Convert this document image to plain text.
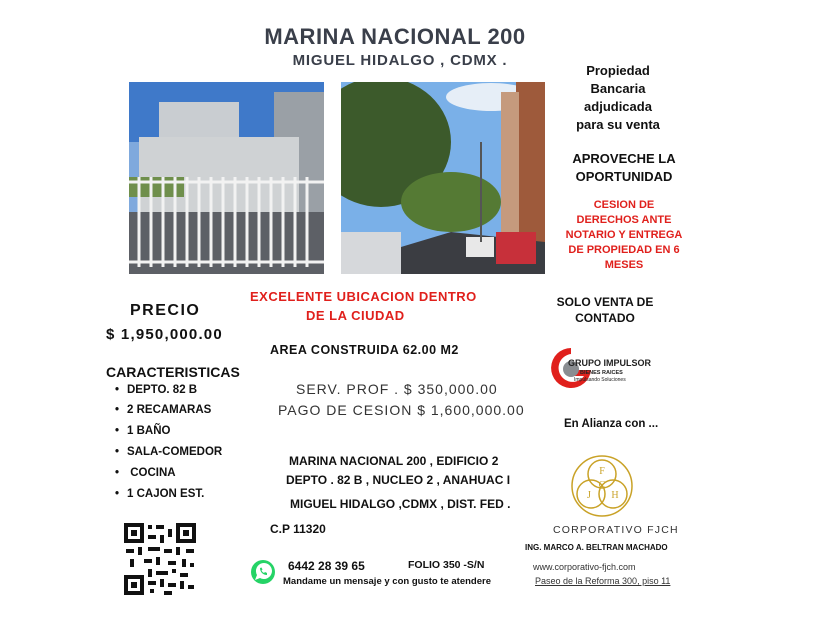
MARINA NACIONAL 200
MIGUEL HIDALGO , CDMX .
Propiedad
Bancaria
adjudicada
para su venta
APROVECHE LA
OPORTUNIDAD
CESION DE
DERECHOS ANTE
NOTARIO Y ENTREGA
DE PROPIEDAD EN 6
MESES
SOLO VENTA DE
CONTADO
GRUPO IMPULSOR
BIENES RAICES
Impulsando Soluciones
En Alianza con ...
F
J
C
H
CORPORATIVO FJCH
ING. MARCO A. BELTRAN MACHADO
www.corporativo-fjch.com
Paseo de la Reforma 300, piso 11
PRECIO
$ 1,950,000.00
CARACTERISTICAS
• DEPTO. 82 B
• 2 RECAMARAS
• 1 BAÑO
• SALA-COMEDOR
• COCINA
• 1 CAJON EST.
EXCELENTE UBICACION DENTRO
DE LA CIUDAD
AREA CONSTRUIDA 62.00 M2
SERV. PROF . $ 350,000.00
PAGO DE CESION $ 1,600,000.00
MARINA NACIONAL 200 , EDIFICIO 2
DEPTO . 82 B , NUCLEO 2 , ANAHUAC I
MIGUEL HIDALGO ,CDMX , DIST. FED .
C.P 11320
6442 28 39 65	FOLIO 350 -S/N
Mandame un mensaje y con gusto te atendere
